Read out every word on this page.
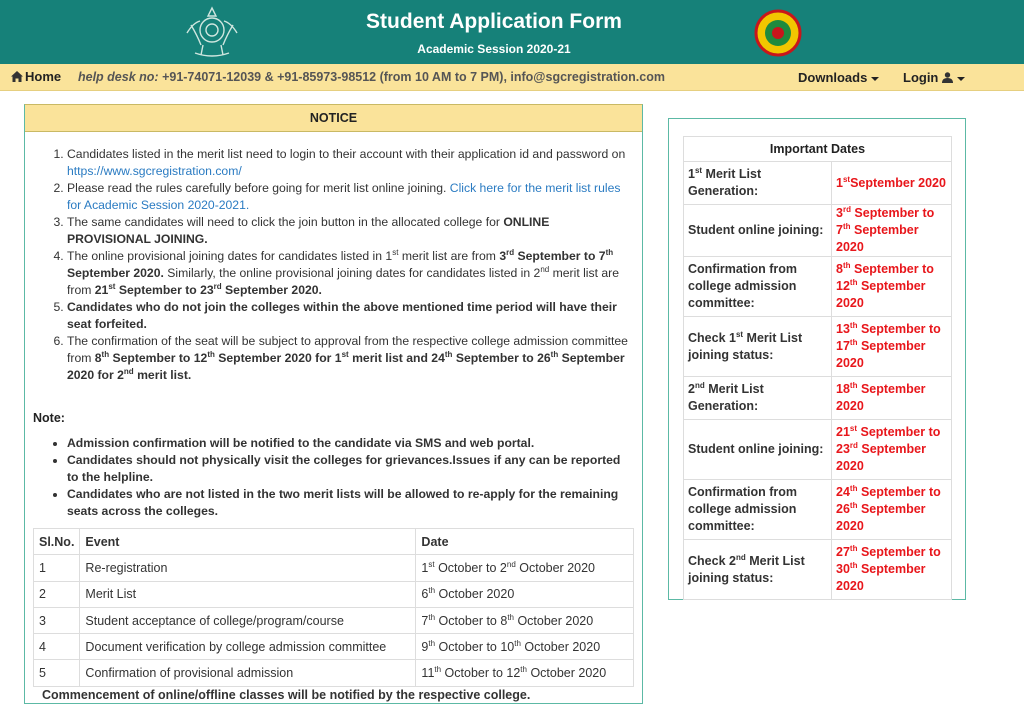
Student Application Form
Academic Session 2020-21
Home help desk no: +91-74071-12039 & +91-85973-98512 (from 10 AM to 7 PM), info@sgcregistration.com	Downloads	Login
NOTICE
1. Candidates listed in the merit list need to login to their account with their application id and password on https://www.sgcregistration.com/
2. Please read the rules carefully before going for merit list online joining. Click here for the merit list rules for Academic Session 2020-2021.
3. The same candidates will need to click the join button in the allocated college for ONLINE PROVISIONAL JOINING.
4. The online provisional joining dates for candidates listed in 1st merit list are from 3rd September to 7th September 2020. Similarly, the online provisional joining dates for candidates listed in 2nd merit list are from 21st September to 23rd September 2020.
5. Candidates who do not join the colleges within the above mentioned time period will have their seat forfeited.
6. The confirmation of the seat will be subject to approval from the respective college admission committee from 8th September to 12th September 2020 for 1st merit list and 24th September to 26th September 2020 for 2nd merit list.
Note:
• Admission confirmation will be notified to the candidate via SMS and web portal.
• Candidates should not physically visit the colleges for grievances.Issues if any can be reported to the helpline.
• Candidates who are not listed in the two merit lists will be allowed to re-apply for the remaining seats across the colleges.
Sl.No.	Event	Date
1	Re-registration	1st October to 2nd October 2020
2	Merit List	6th October 2020
3	Student acceptance of college/program/course	7th October to 8th October 2020
4	Document verification by college admission committee	9th October to 10th October 2020
5	Confirmation of provisional admission	11th October to 12th October 2020
Commencement of online/offline classes will be notified by the respective college.
Important Dates	
1st Merit List Generation:	1stSeptember 2020
Student online joining:	3rd September to 7th September 2020
Confirmation from college admission committee:	8th September to 12th September 2020
Check 1st Merit List joining status:	13th September to 17th September 2020
2nd Merit List Generation:	18th September 2020
Student online joining:	21st September to 23rd September 2020
Confirmation from college admission committee:	24th September to 26th September 2020
Check 2nd Merit List joining status:	27th September to 30th September 2020
